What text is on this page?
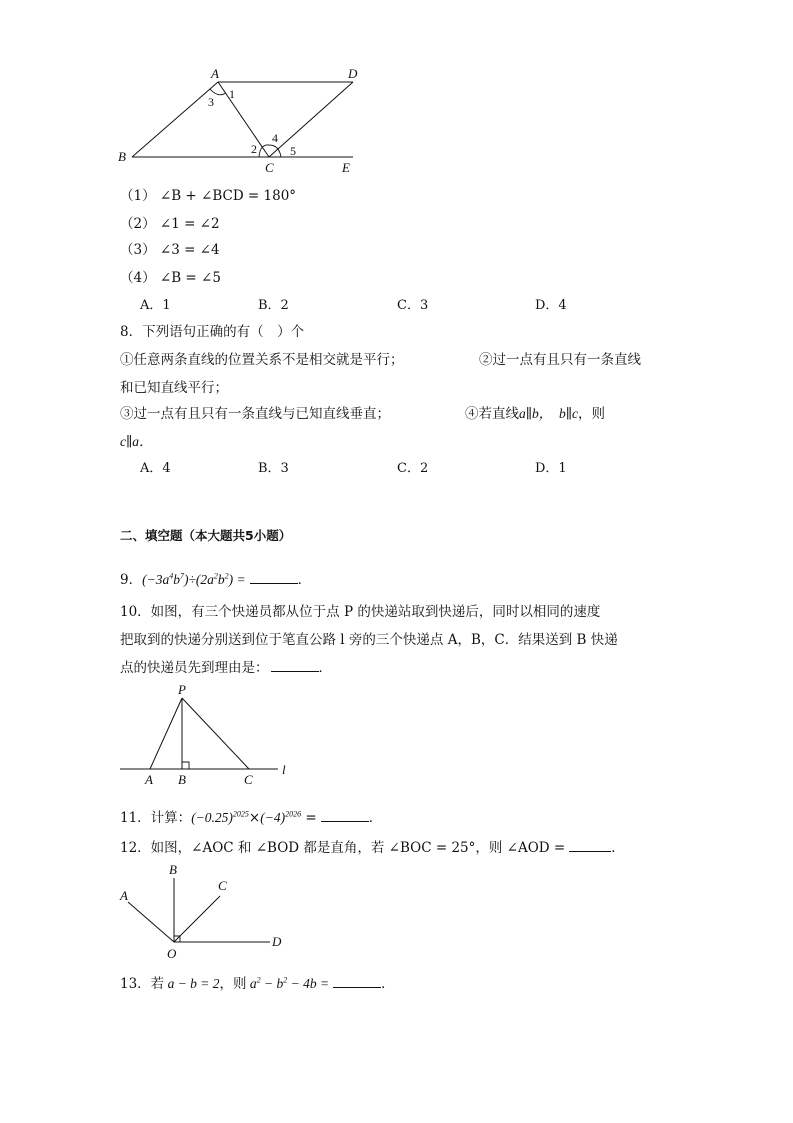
A	D
B
C	E
1
3
2
4
5
（1） ∠B + ∠BCD = 180°
（2） ∠1 = ∠2
（3） ∠3 = ∠4
（4） ∠B = ∠5
A．1	B．2	C．3	D．4
8．下列语句正确的有（　）个
①任意两条直线的位置关系不是相交就是平行；	②过一点有且只有一条直线
和已知直线平行；
③过一点有且只有一条直线与已知直线垂直；	④若直线a∥b，　b∥c，则
c∥a．
A．4	B．3	C．2	D．1
二、填空题（本大题共5小题）
9．$(-3a^4b^7)\div(2a^2b^2)$ =	．
10．如图，有三个快递员都从位于点 P 的快递站取到快递后，同时以相同的速度
把取到的快递分别送到位于笔直公路 l 旁的三个快递点 A，B，C．结果送到 B 快递
点的快递员先到理由是：	．
P
A B	C
l
11．计算：$(-0.25)^{2025}\times(-4)^{2026}$ =	．
12．如图，∠AOC 和 ∠BOD 都是直角，若 ∠BOC = 25°，则 ∠AOD =	．
A
B
C
D
O
13．若 a − b = 2，则 $a^2 - b^2 - 4b$ =	．
